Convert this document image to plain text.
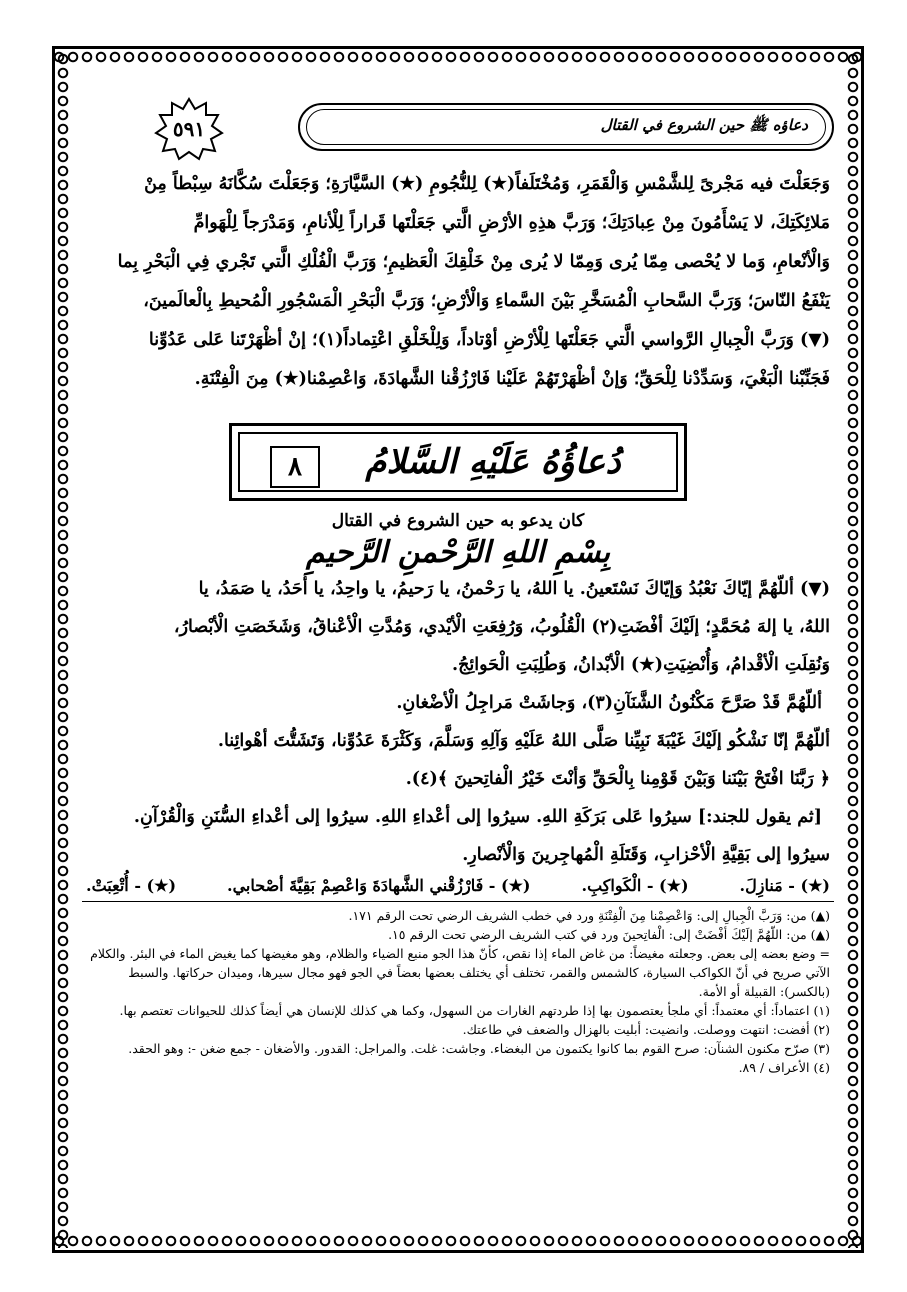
دعاؤه ﷺ حين الشروع في القتال
٥٩١

وَجَعَلْتَ فيه مَجْرىً لِلشَّمْسِ وَالْقَمَرِ، وَمُخْتَلَفاً(★) لِلنُّجُومِ (★) السَّيَّارَةِ؛ وَجَعَلْتَ سُكَّانَهُ سِبْطاً مِنْ

مَلائِكَتِكَ، لا يَسْأَمُونَ مِنْ عِبادَتِكَ؛ وَرَبَّ هذِهِ الأرْضِ الَّتي جَعَلْتَها قَراراً لِلْأنامِ، وَمَدْرَجاً لِلْهَوامِّ

وَالْأنْعامِ، وَما لا يُحْصى مِمّا يُرى وَمِمّا لا يُرى مِنْ خَلْقِكَ الْعَظيمِ؛ وَرَبَّ الْفُلْكِ الَّتي تَجْري فِي الْبَحْرِ بِما

يَنْفَعُ النّاسَ؛ وَرَبَّ السَّحابِ الْمُسَخَّرِ بَيْنَ السَّماءِ وَالْأرْضِ؛ وَرَبَّ الْبَحْرِ الْمَسْجُورِ الْمُحيطِ بِالْعالَمينَ،

(▼) وَرَبَّ الْجِبالِ الرَّواسي الَّتي جَعَلْتَها لِلْأرْضِ أوْتاداً، وَلِلْخَلْقِ اعْتِماداً(١)؛ إنْ أظْهَرْتَنا عَلى عَدُوِّنا

فَجَنِّبْنا الْبَغْيَ، وَسَدِّدْنا لِلْحَقِّ؛ وَإنْ أظْهَرْتَهُمْ عَلَيْنا فَارْزُقْنا الشَّهادَةَ، وَاعْصِمْنا(★) مِنَ الْفِتْنَةِ.

دُعاؤُهُ عَلَيْهِ السَّلامُ
٨
كان يدعو به حين الشروع في القتال
بِسْمِ اللهِ الرَّحْمنِ الرَّحيمِ

(▼) أللّهُمَّ إيّاكَ نَعْبُدُ وَإيّاكَ نَسْتَعينُ. يا اللهُ، يا رَحْمنُ، يا رَحيمُ، يا واحِدُ، يا أحَدُ، يا صَمَدُ، يا

اللهُ، يا إلهَ مُحَمَّدٍ؛ إلَيْكَ أفْضَتِ(٢) الْقُلُوبُ، وَرُفِعَتِ الْأيْدي، وَمُدَّتِ الْأعْناقُ، وَشَخَصَتِ الْأبْصارُ،

وَنُقِلَتِ الْأقْدامُ، وَأُنْضِيَتِ(★) الْأبْدانُ، وَطُلِبَتِ الْحَوائِجُ.

أللّهُمَّ قَدْ صَرَّحَ مَكْنُونُ الشَّنَآنِ(٣)، وَجاشَتْ مَراجِلُ الْأضْغانِ.

أللّهُمَّ إنّا نَشْكُو إلَيْكَ غَيْبَةَ نَبِيِّنا صَلَّى اللهُ عَلَيْهِ وَآلِهِ وَسَلَّمَ، وَكَثْرَةَ عَدُوِّنا، وَتَشَتُّتَ أهْوائِنا.

﴿ رَبَّنَا افْتَحْ بَيْنَنا وَبَيْنَ قَوْمِنا بِالْحَقِّ وَأنْتَ خَيْرُ الْفاتِحينَ ﴾(٤).

[ثم يقول للجند:] سيرُوا عَلى بَرَكَةِ اللهِ. سيرُوا إلى أعْداءِ اللهِ. سيرُوا إلى أعْداءِ السُّنَنِ وَالْقُرْآنِ.

سيرُوا إلى بَقِيَّةِ الْأحْزابِ، وَقَتَلَةِ الْمُهاجِرينَ وَالْأنْصارِ.

(★) - مَنازِلَ.
(★) - الْكَواكِبِ.
(★) - فَارْزُقْني الشَّهادَةَ وَاعْصِمْ بَقِيَّةَ أصْحابي.
(★) - أُتْعِبَتْ.

(▲) من: وَرَبَّ الْجِبالِ إلى: وَاعْصِمْنا مِنَ الْفِتْنَةِ ورد في خطب الشريف الرضي تحت الرقم ١٧١.

(▲) من: اللّهُمَّ إلَيْكَ أفْضَتْ إلى: الْفاتِحينَ ورد في كتب الشريف الرضي تحت الرقم ١٥.

= وضع بعضه إلى بعض. وجعلته مغيضاً: من غاض الماء إذا نقص، كأنّ هذا الجو منبع الضياء والظلام، وهو مغيضها كما يغيض الماء في البئر. والكلام الآتي صريح في أنّ الكواكب السيارة، كالشمس والقمر، تختلف أي يختلف بعضها بعضاً في الجو فهو مجال سيرها، وميدان حركاتها. والسبط (بالكسر): القبيلة أو الأمة.

(١) اعتماداً: أي معتمداً: أي ملجأ يعتصمون بها إذا طردتهم الغارات من السهول، وكما هي كذلك للإنسان هي أيضاً كذلك للحيوانات تعتصم بها.

(٢) أفضت: انتهت ووصلت. وانضيت: أبليت بالهزال والضعف في طاعتك.

(٣) صرّح مكنون الشنآن: صرح القوم بما كانوا يكتمون من البغضاء. وجاشت: غلت. والمراجل: القدور. والأضغان - جمع ضغن -: وهو الحقد.

(٤) الأعراف / ٨٩.
